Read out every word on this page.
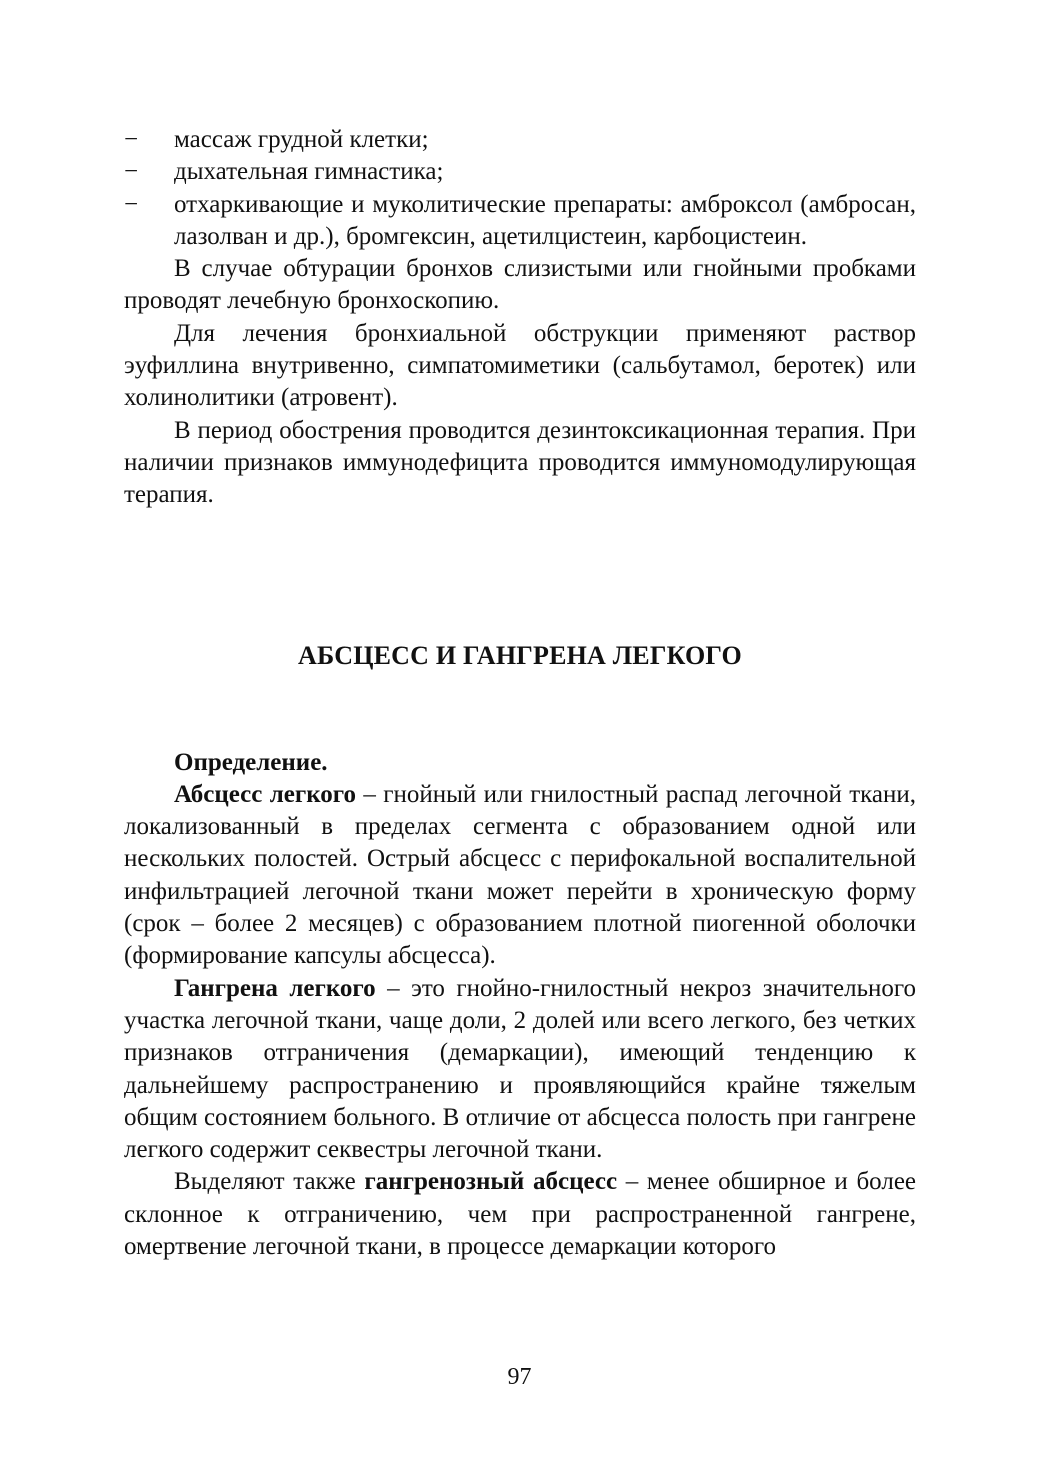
− массаж грудной клетки;
− дыхательная гимнастика;
− отхаркивающие и муколитические препараты: амброксол (амбросан, лазолван и др.), бромгексин, ацетилцистеин, карбоцистеин.

В случае обтурации бронхов слизистыми или гнойными пробками проводят лечебную бронхоскопию.

Для лечения бронхиальной обструкции применяют раствор эуфиллина внутривенно, симпатомиметики (сальбутамол, беротек) или холинолитики (атровент).

В период обострения проводится дезинтоксикационная терапия. При наличии признаков иммунодефицита проводится иммуномодулирующая терапия.

АБСЦЕСС И ГАНГРЕНА ЛЕГКОГО

Определение.

Абсцесс легкого – гнойный или гнилостный распад легочной ткани, локализованный в пределах сегмента с образованием одной или нескольких полостей. Острый абсцесс с перифокальной воспалительной инфильтрацией легочной ткани может перейти в хроническую форму (срок – более 2 месяцев) с образованием плотной пиогенной оболочки (формирование капсулы абсцесса).

Гангрена легкого – это гнойно-гнилостный некроз значительного участка легочной ткани, чаще доли, 2 долей или всего легкого, без четких признаков отграничения (демаркации), имеющий тенденцию к дальнейшему распространению и проявляющийся крайне тяжелым общим состоянием больного. В отличие от абсцесса полость при гангрене легкого содержит секвестры легочной ткани.

Выделяют также гангренозный абсцесс – менее обширное и более склонное к отграничению, чем при распространенной гангрене, омертвение легочной ткани, в процессе демаркации которого

97
